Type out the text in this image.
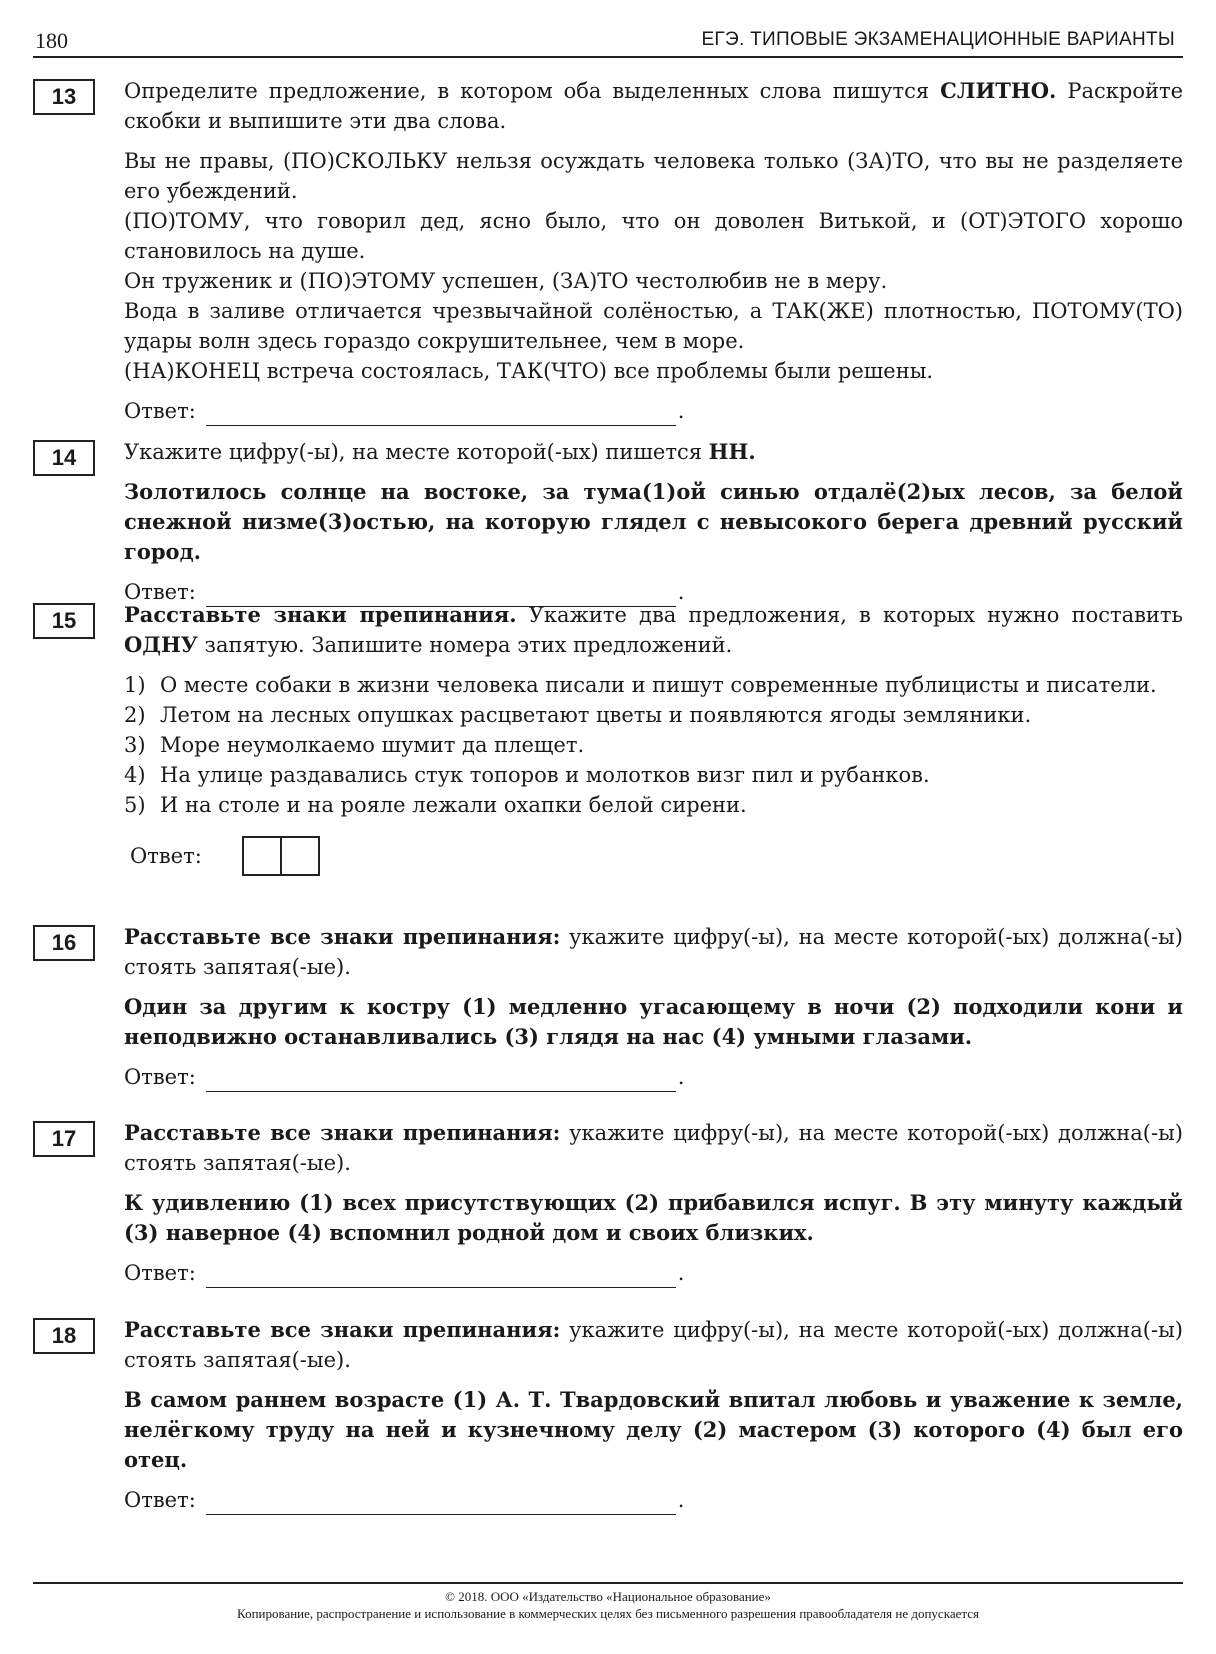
180	ЕГЭ. ТИПОВЫЕ ЭКЗАМЕНАЦИОННЫЕ ВАРИАНТЫ
13	Определите предложение, в котором оба выделенных слова пишутся СЛИТНО. Раскройте скобки и выпишите эти два слова.

Вы не правы, (ПО)СКОЛЬКУ нельзя осуждать человека только (ЗА)ТО, что вы не разделяете его убеждений.

(ПО)ТОМУ, что говорил дед, ясно было, что он доволен Витькой, и (ОТ)ЭТОГО хорошо становилось на душе.

Он труженик и (ПО)ЭТОМУ успешен, (ЗА)ТО честолюбив не в меру.

Вода в заливе отличается чрезвычайной солёностью, а ТАК(ЖЕ) плотностью, ПОТОМУ(ТО) удары волн здесь гораздо сокрушительнее, чем в море.

(НА)КОНЕЦ встреча состоялась, ТАК(ЧТО) все проблемы были решены.

Ответ:	.
14	Укажите цифру(-ы), на месте которой(-ых) пишется НН.
Золотилось солнце на востоке, за тума(1)ой синью отдалё(2)ых лесов, за белой снежной низме(3)остью, на которую глядел с невысокого берега древний русский город.
Ответ:	.
15	Расставьте знаки препинания. Укажите два предложения, в которых нужно поставить ОДНУ запятую. Запишите номера этих предложений.
1) О месте собаки в жизни человека писали и пишут современные публицисты и писатели.
2) Летом на лесных опушках расцветают цветы и появляются ягоды земляники.
3) Море неумолкаемо шумит да плещет.
4) На улице раздавались стук топоров и молотков визг пил и рубанков.
5) И на столе и на рояле лежали охапки белой сирени.
Ответ:
16	Расставьте все знаки препинания: укажите цифру(-ы), на месте которой(-ых) должна(-ы) стоять запятая(-ые).
Один за другим к костру (1) медленно угасающему в ночи (2) подходили кони и неподвижно останавливались (3) глядя на нас (4) умными глазами.
Ответ:	.
17	Расставьте все знаки препинания: укажите цифру(-ы), на месте которой(-ых) должна(-ы) стоять запятая(-ые).
К удивлению (1) всех присутствующих (2) прибавился испуг. В эту минуту каждый (3) наверное (4) вспомнил родной дом и своих близких.
Ответ:	.
18	Расставьте все знаки препинания: укажите цифру(-ы), на месте которой(-ых) должна(-ы) стоять запятая(-ые).
В самом раннем возрасте (1) А. Т. Твардовский впитал любовь и уважение к земле, нелёгкому труду на ней и кузнечному делу (2) мастером (3) которого (4) был его отец.
Ответ:	.
© 2018. ООО «Издательство «Национальное образование»
Копирование, распространение и использование в коммерческих целях без письменного разрешения правообладателя не допускается
